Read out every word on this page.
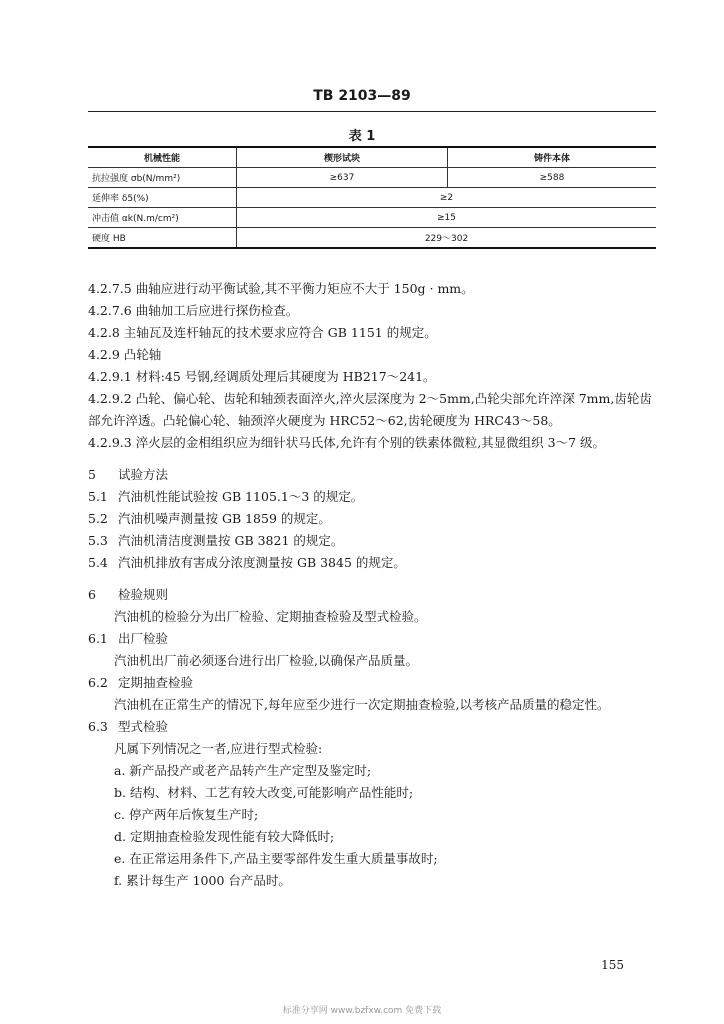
TB 2103—89
表 1
机械性能	楔形试块	铸件本体
抗拉强度 σb(N/mm²)	≥637	≥588
延伸率 δ5(%)	≥2	
冲击值 αk(N.m/cm²)	≥15	
硬度 HB	229～302	
4.2.7.5 曲轴应进行动平衡试验,其不平衡力矩应不大于 150g · mm。
4.2.7.6 曲轴加工后应进行探伤检查。
4.2.8 主轴瓦及连杆轴瓦的技术要求应符合 GB 1151 的规定。
4.2.9 凸轮轴
4.2.9.1 材料:45 号钢,经调质处理后其硬度为 HB217～241。
4.2.9.2 凸轮、偏心轮、齿轮和轴颈表面淬火,淬火层深度为 2～5mm,凸轮尖部允许淬深 7mm,齿轮齿部允许淬透。凸轮偏心轮、轴颈淬火硬度为 HRC52～62,齿轮硬度为 HRC43～58。
4.2.9.3 淬火层的金相组织应为细针状马氏体,允许有个别的铁素体微粒,其显微组织 3～7 级。
5 试验方法
5.1 汽油机性能试验按 GB 1105.1～3 的规定。
5.2 汽油机噪声测量按 GB 1859 的规定。
5.3 汽油机清洁度测量按 GB 3821 的规定。
5.4 汽油机排放有害成分浓度测量按 GB 3845 的规定。
6 检验规则
汽油机的检验分为出厂检验、定期抽查检验及型式检验。
6.1 出厂检验
汽油机出厂前必须逐台进行出厂检验,以确保产品质量。
6.2 定期抽查检验
汽油机在正常生产的情况下,每年应至少进行一次定期抽查检验,以考核产品质量的稳定性。
6.3 型式检验
凡属下列情况之一者,应进行型式检验:
a. 新产品投产或老产品转产生产定型及鉴定时;
b. 结构、材料、工艺有较大改变,可能影响产品性能时;
c. 停产两年后恢复生产时;
d. 定期抽查检验发现性能有较大降低时;
e. 在正常运用条件下,产品主要零部件发生重大质量事故时;
f. 累计每生产 1000 台产品时。
155
标准分享网 www.bzfxw.com 免费下载
